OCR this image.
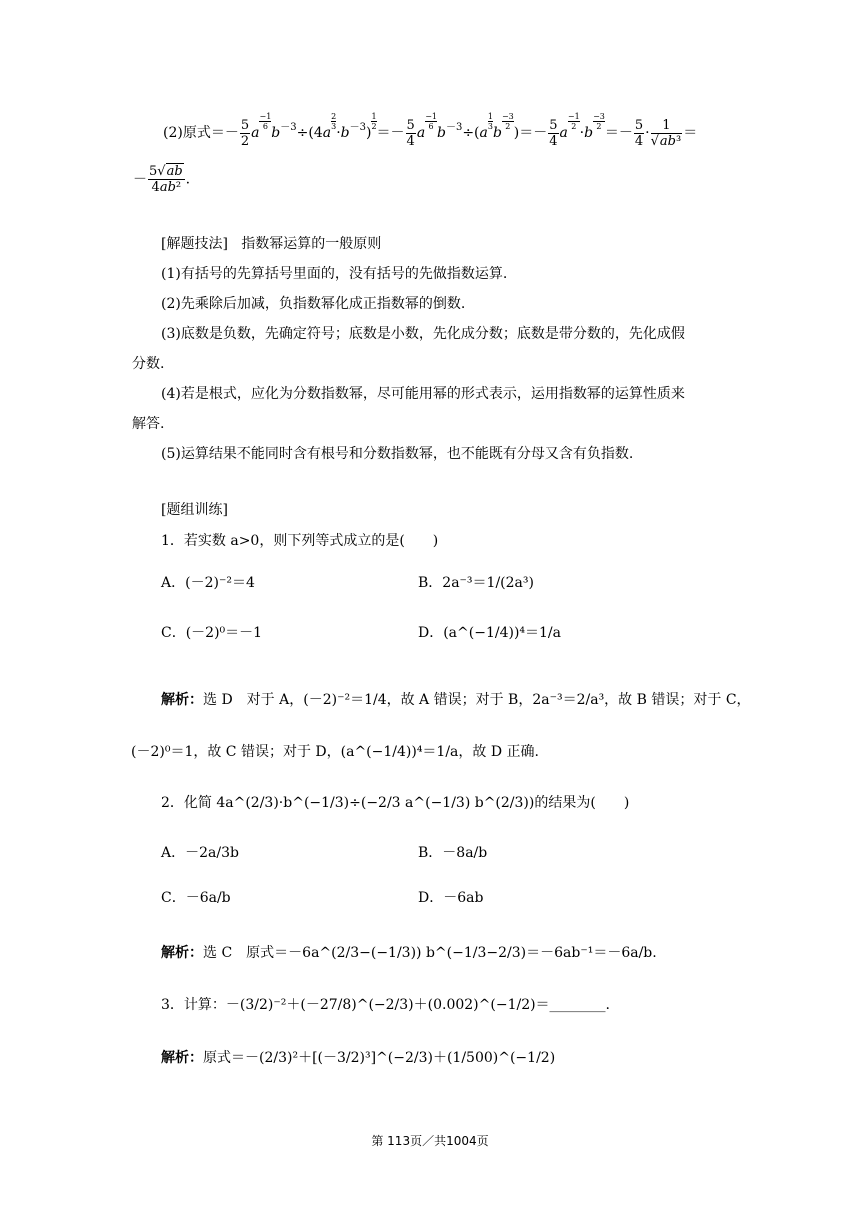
(2)原式＝－ $\frac{5}{2}$ a
$\frac{-1}{6}$
$b^{-3}\div(4a$
$\frac{2}{3}$
$\cdot b^{-3}$)
$\frac{1}{2}$
＝－ $\frac{5}{4}$ a
$\frac{-1}{6}$
$b^{-3}\div(a$
$\frac{1}{3}$
b
$\frac{-3}{2}$
)＝－ $\frac{5}{4}$ a
$\frac{-1}{2}$
·b
$\frac{-3}{2}$
＝－ $\frac{5}{4} \cdot \frac{1}{\text{√ab³}}$ ＝
－ $\frac{5√ab}{\text{4ab²}}$ .
[解题技法] 指数幂运算的一般原则
(1)有括号的先算括号里面的，没有括号的先做指数运算.
(2)先乘除后加减，负指数幂化成正指数幂的倒数.
(3)底数是负数，先确定符号；底数是小数，先化成分数；底数是带分数的，先化成假
分数.
(4)若是根式，应化为分数指数幂，尽可能用幂的形式表示，运用指数幂的运算性质来
解答.
(5)运算结果不能同时含有根号和分数指数幂，也不能既有分母又含有负指数.
[题组训练]
1．若实数 a>0，则下列等式成立的是(　　)
A．(－2)⁻²＝4	B．2a⁻³＝1/(2a³)
C．(－2)⁰＝－1	D．(a^(−1/4))⁴＝1/a
解析：选 D　对于 A，(－2)⁻²＝1/4，故 A 错误；对于 B，2a⁻³＝2/a³，故 B 错误；对于 C，
(－2)⁰＝1，故 C 错误；对于 D，(a^(−1/4))⁴＝1/a，故 D 正确.
2．化简 4a^(2/3)·b^(−1/3)÷(−2/3 a^(−1/3) b^(2/3))的结果为(　　)
A．－2a/3b	B．－8a/b
C．－6a/b	D．－6ab
解析：选 C　原式＝－6a^(2/3−(−1/3)) b^(−1/3−2/3)＝－6ab⁻¹＝－6a/b.
3．计算：－(3/2)⁻²＋(－27/8)^(−2/3)＋(0.002)^(−1/2)＝________.
解析：原式＝－(2/3)²＋[(－3/2)³]^(−2/3)＋(1/500)^(−1/2)
第 113页／共1004页
